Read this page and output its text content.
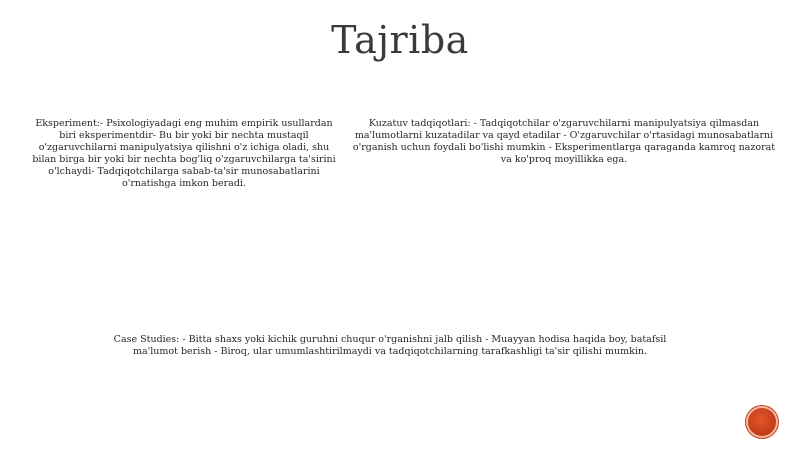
Tajriba
Eksperiment:- Psixologiyadagi eng muhim empirik usullardan biri eksperimentdir- Bu bir yoki bir nechta mustaqil o'zgaruvchilarni manipulyatsiya qilishni o'z ichiga oladi, shu bilan birga bir yoki bir nechta bog'liq o'zgaruvchilarga ta'sirini o'lchaydi- Tadqiqotchilarga sabab-ta'sir munosabatlarini o'rnatishga imkon beradi.
Kuzatuv tadqiqotlari: - Tadqiqotchilar o'zgaruvchilarni manipulyatsiya qilmasdan ma'lumotlarni kuzatadilar va qayd etadilar - O'zgaruvchilar o'rtasidagi munosabatlarni o'rganish uchun foydali bo'lishi mumkin - Eksperimentlarga qaraganda kamroq nazorat va ko'proq moyillikka ega.
Case Studies: - Bitta shaxs yoki kichik guruhni chuqur o'rganishni jalb qilish - Muayyan hodisa haqida boy, batafsil ma'lumot berish - Biroq, ular umumlashtirilmaydi va tadqiqotchilarning tarafkashligi ta'sir qilishi mumkin.
